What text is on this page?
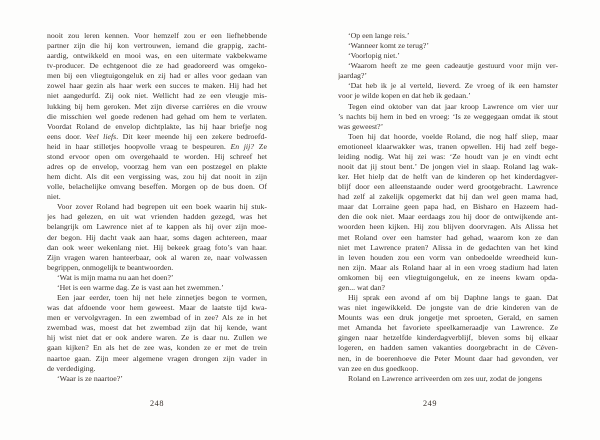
nooit zou leren kennen. Voor hemzelf zou er een liefhebbende
partner zijn die hij kon vertrouwen, iemand die grappig, zacht-
aardig, ontwikkeld en mooi was, en een uitermate vakbekwame
tv-producer. De echtgenoot die ze had geadoreerd was omgeko-
men bij een vliegtuigongeluk en zij had er alles voor gedaan van
zowel haar gezin als haar werk een succes te maken. Hij had het
niet aangedurfd. Zij ook niet. Wellicht had ze een vleugje mis-
lukking bij hem geroken. Met zijn diverse carrières en die vrouw
die misschien wel goede redenen had gehad om hem te verlaten.
Voordat Roland de envelop dichtplakte, las hij haar briefje nog
eens door. Veel liefs. Dit keer meende hij een zekere bedroefd-
heid in haar stilletjes hoopvolle vraag te bespeuren. En jij? Ze
stond ervoor open om overgehaald te worden. Hij schreef het
adres op de envelop, voorzag hem van een postzegel en plakte
hem dicht. Als dit een vergissing was, zou hij dat nooit in zijn
volle, belachelijke omvang beseffen. Morgen op de bus doen. Of
niet.
Voor zover Roland had begrepen uit een boek waarin hij stuk-
jes had gelezen, en uit wat vrienden hadden gezegd, was het
belangrijk om Lawrence niet af te kappen als hij over zijn moe-
der begon. Hij dacht vaak aan haar, soms dagen achtereen, maar
dan ook weer wekenlang niet. Hij bekeek graag foto’s van haar.
Zijn vragen waren hanteerbaar, ook al waren ze, naar volwassen
begrippen, onmogelijk te beantwoorden.
‘Wat is mijn mama nu aan het doen?’
‘Het is een warme dag. Ze is vast aan het zwemmen.’
Een jaar eerder, toen hij net hele zinnetjes begon te vormen,
was dat afdoende voor hem geweest. Maar de laatste tijd kwa-
men er vervolgvragen. In een zwembad of in zee? Als ze in het
zwembad was, moest dat het zwembad zijn dat hij kende, want
hij wist niet dat er ook andere waren. Ze is daar nu. Zullen we
gaan kijken? En als het de zee was, konden ze er met de trein
naartoe gaan. Zijn meer algemene vragen drongen zijn vader in
de verdediging.
‘Waar is ze naartoe?’
248
‘Op een lange reis.’
‘Wanneer komt ze terug?’
‘Voorlopig niet.’
‘Waarom heeft ze me geen cadeautje gestuurd voor mijn ver-
jaardag?’
‘Dat heb ik je al verteld, lieverd. Ze vroeg of ik een hamster
voor je wilde kopen en dat heb ik gedaan.’
Tegen eind oktober van dat jaar kroop Lawrence om vier uur
’s nachts bij hem in bed en vroeg: ‘Is ze weggegaan omdat ik stout
was geweest?’
Toen hij dat hoorde, voelde Roland, die nog half sliep, maar
emotioneel klaarwakker was, tranen opwellen. Hij had zelf bege-
leiding nodig. Wat hij zei was: ‘Ze houdt van je en vindt echt
nooit dat jij stout bent.’ De jongen viel in slaap. Roland lag wak-
ker. Het hielp dat de helft van de kinderen op het kinderdagver-
blijf door een alleenstaande ouder werd grootgebracht. Lawrence
had zelf al zakelijk opgemerkt dat hij dan wel geen mama had,
maar dat Lorraine geen papa had, en Bisharo en Hazeem had-
den die ook niet. Maar eerdaags zou hij door de ontwijkende ant-
woorden heen kijken. Hij zou blijven doorvragen. Als Alissa het
met Roland over een hamster had gehad, waarom kon ze dan
niet met Lawrence praten? Alissa in de gedachten van het kind
in leven houden zou een vorm van onbedoelde wreedheid kun-
nen zijn. Maar als Roland haar al in een vroeg stadium had laten
omkomen bij een vliegtuigongeluk, en ze ineens kwam opda-
gen... wat dan?
Hij sprak een avond af om bij Daphne langs te gaan. Dat
was niet ingewikkeld. De jongste van de drie kinderen van de
Mounts was een druk jongetje met sproeten, Gerald, en samen
met Amanda het favoriete speelkameraadje van Lawrence. Ze
gingen naar hetzelfde kinderdagverblijf, bleven soms bij elkaar
logeren, en hadden samen vakanties doorgebracht in de Céven-
nen, in de boerenhoeve die Peter Mount daar had gevonden, ver
van zee en dus goedkoop.
Roland en Lawrence arriveerden om zes uur, zodat de jongens
249
